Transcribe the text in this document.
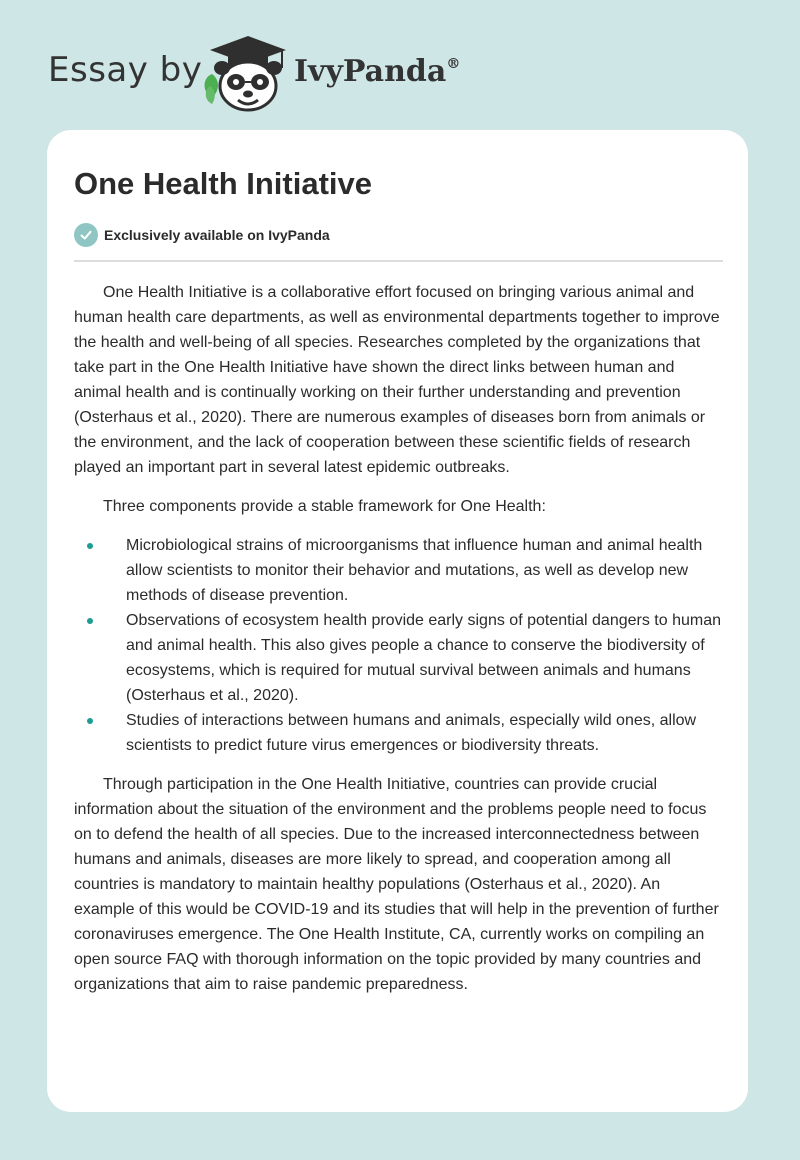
Essay by	IvyPanda®
One Health Initiative
Exclusively available on IvyPanda

One Health Initiative is a collaborative effort focused on bringing various animal and human health care departments, as well as environmental departments together to improve the health and well-being of all species. Researches completed by the organizations that take part in the One Health Initiative have shown the direct links between human and animal health and is continually working on their further understanding and prevention (Osterhaus et al., 2020). There are numerous examples of diseases born from animals or the environment, and the lack of cooperation between these scientific fields of research played an important part in several latest epidemic outbreaks.

Three components provide a stable framework for One Health:

Microbiological strains of microorganisms that influence human and animal health allow scientists to monitor their behavior and mutations, as well as develop new methods of disease prevention.
Observations of ecosystem health provide early signs of potential dangers to human and animal health. This also gives people a chance to conserve the biodiversity of ecosystems, which is required for mutual survival between animals and humans (Osterhaus et al., 2020).
Studies of interactions between humans and animals, especially wild ones, allow scientists to predict future virus emergences or biodiversity threats.

Through participation in the One Health Initiative, countries can provide crucial information about the situation of the environment and the problems people need to focus on to defend the health of all species. Due to the increased interconnectedness between humans and animals, diseases are more likely to spread, and cooperation among all countries is mandatory to maintain healthy populations (Osterhaus et al., 2020). An example of this would be COVID-19 and its studies that will help in the prevention of further coronaviruses emergence. The One Health Institute, CA, currently works on compiling an open source FAQ with thorough information on the topic provided by many countries and organizations that aim to raise pandemic preparedness.
